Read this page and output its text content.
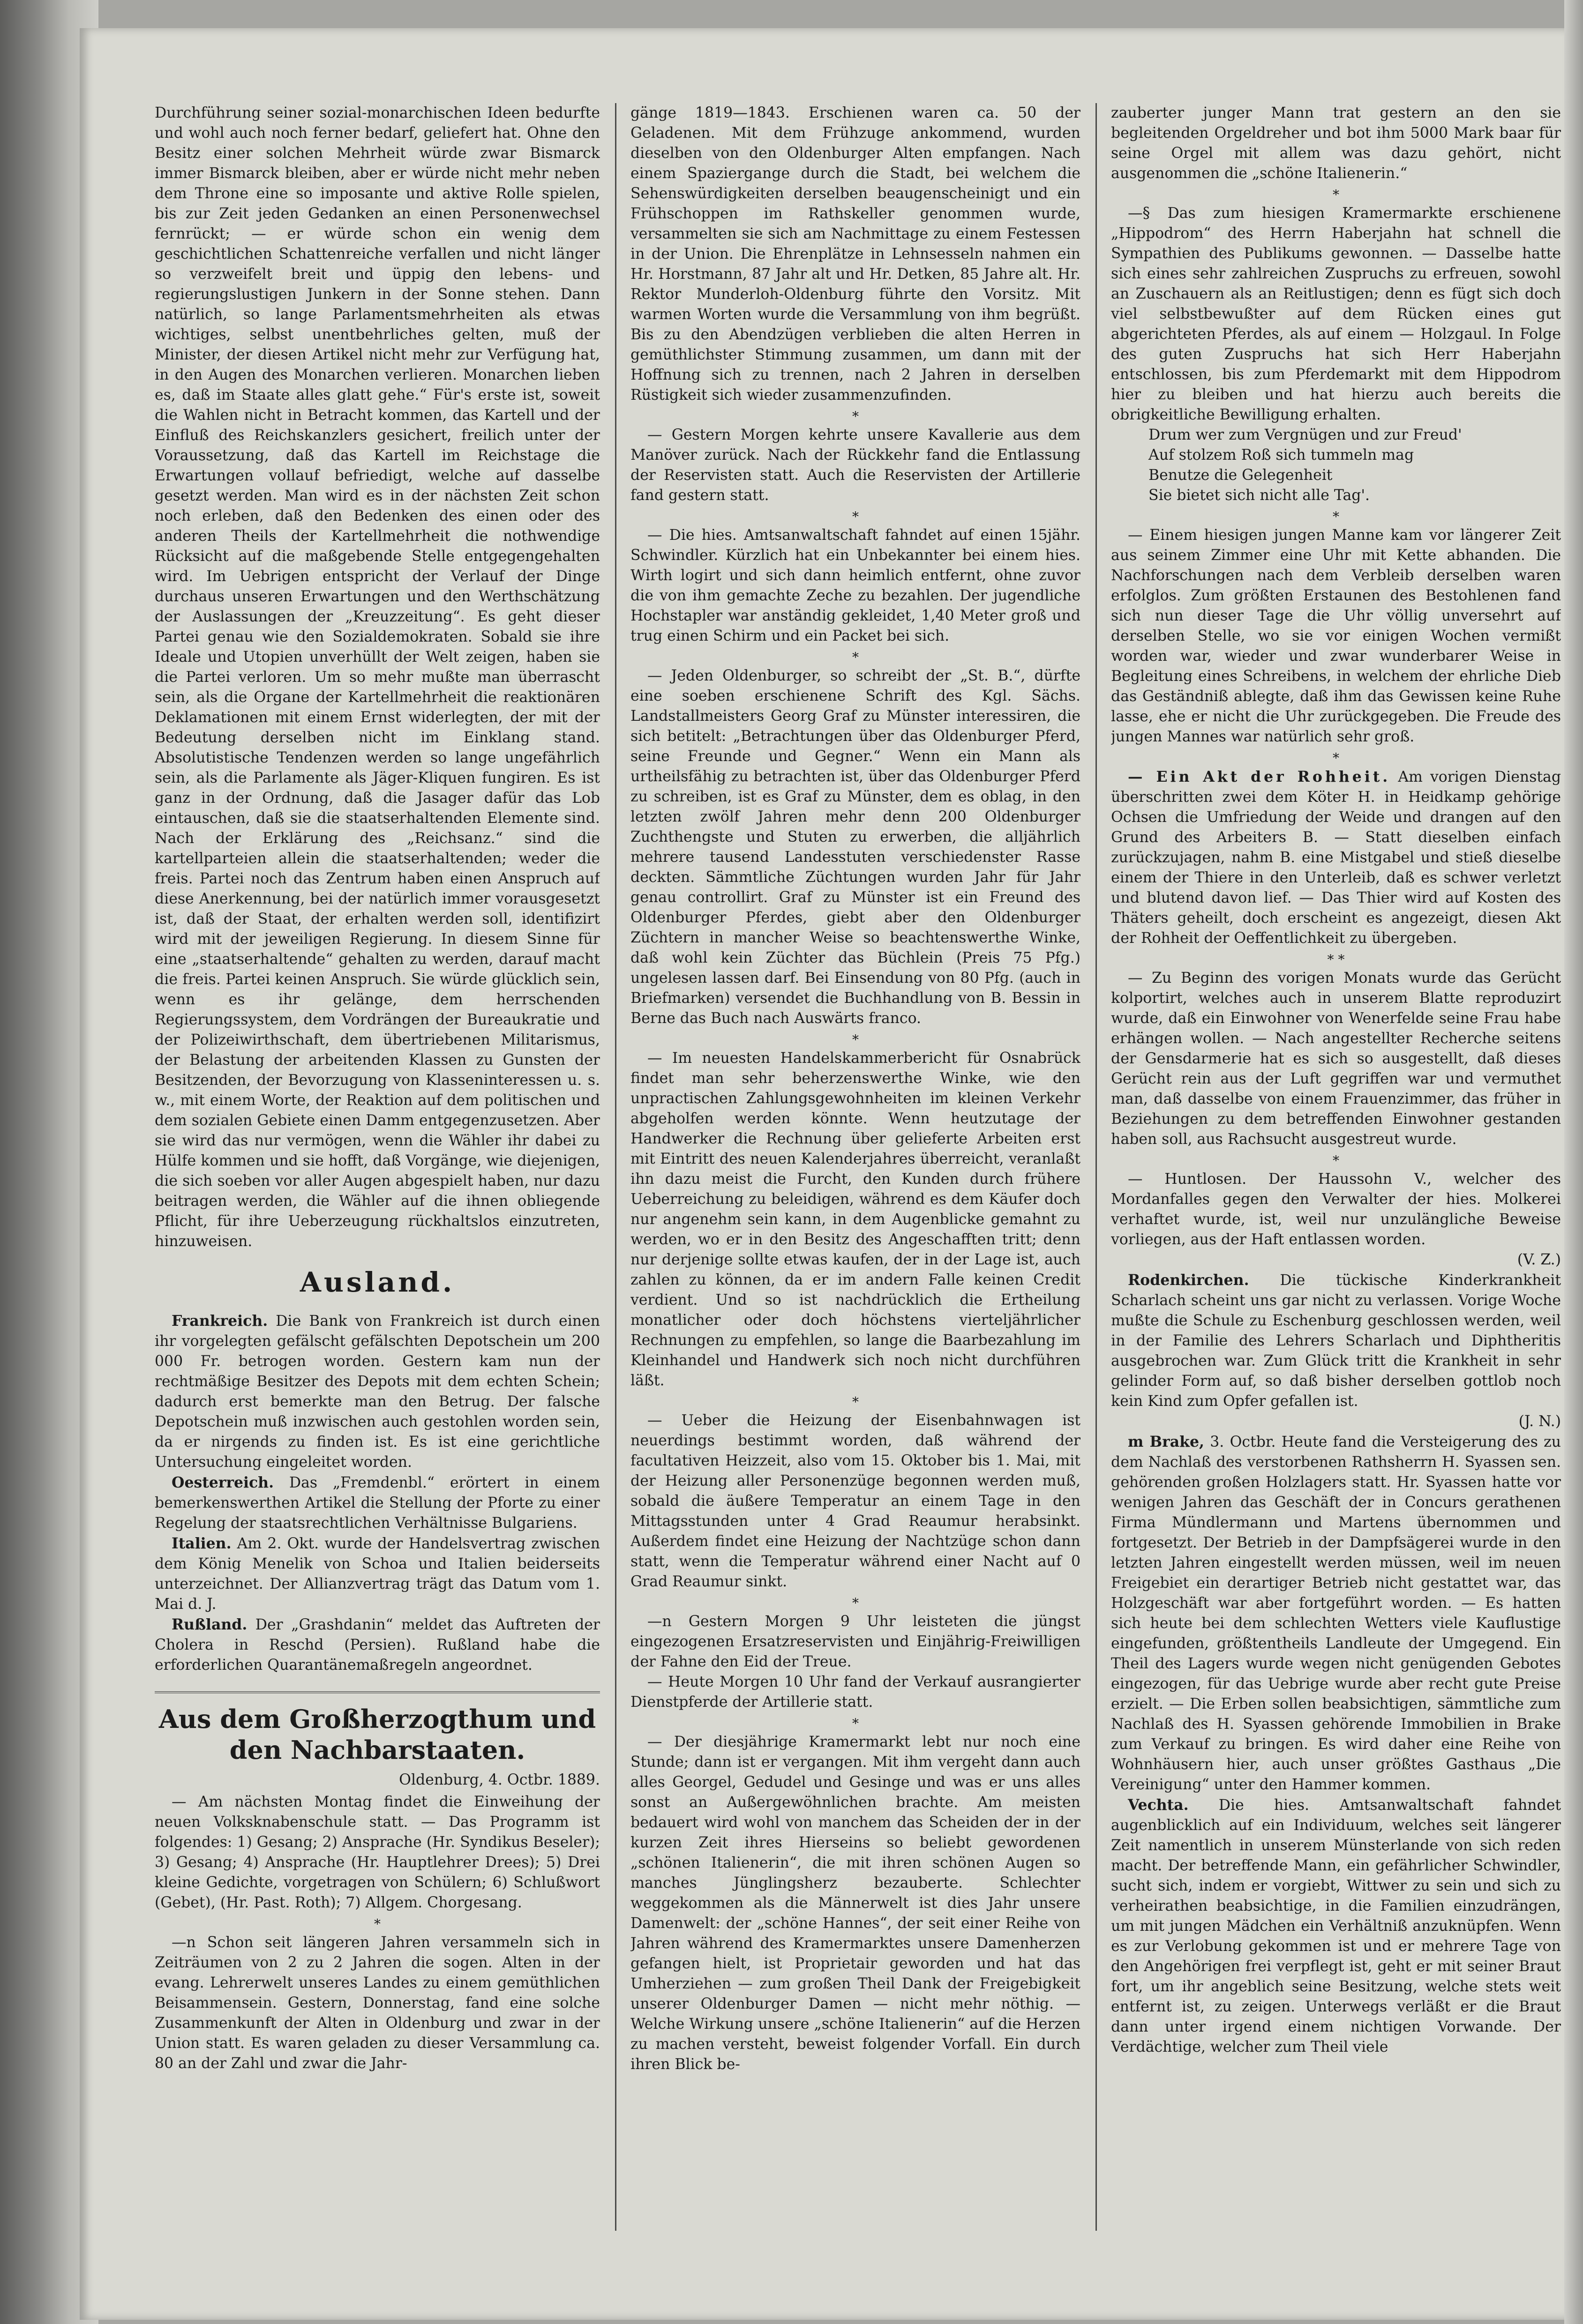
Durchführung seiner sozial-monarchischen Ideen bedurfte und wohl auch noch ferner bedarf, geliefert hat. Ohne den Besitz einer solchen Mehrheit würde zwar Bismarck immer Bismarck bleiben, aber er würde nicht mehr neben dem Throne eine so imposante und aktive Rolle spielen, bis zur Zeit jeden Gedanken an einen Personenwechsel fernrückt; — er würde schon ein wenig dem geschichtlichen Schattenreiche verfallen und nicht länger so verzweifelt breit und üppig den lebens- und regierungslustigen Junkern in der Sonne stehen. Dann natürlich, so lange Parlamentsmehrheiten als etwas wichtiges, selbst unentbehrliches gelten, muß der Minister, der diesen Artikel nicht mehr zur Verfügung hat, in den Augen des Monarchen verlieren. Monarchen lieben es, daß im Staate alles glatt gehe.“ Für's erste ist, soweit die Wahlen nicht in Betracht kommen, das Kartell und der Einfluß des Reichskanzlers gesichert, freilich unter der Voraussetzung, daß das Kartell im Reichstage die Erwartungen vollauf befriedigt, welche auf dasselbe gesetzt werden. Man wird es in der nächsten Zeit schon noch erleben, daß den Bedenken des einen oder des anderen Theils der Kartellmehrheit die nothwendige Rücksicht auf die maßgebende Stelle entgegengehalten wird. Im Uebrigen entspricht der Verlauf der Dinge durchaus unseren Erwartungen und den Werthschätzung der Auslassungen der „Kreuzzeitung“. Es geht dieser Partei genau wie den Sozialdemokraten. Sobald sie ihre Ideale und Utopien unverhüllt der Welt zeigen, haben sie die Partei verloren. Um so mehr mußte man überrascht sein, als die Organe der Kartellmehrheit die reaktionären Deklamationen mit einem Ernst widerlegten, der mit der Bedeutung derselben nicht im Einklang stand. Absolutistische Tendenzen werden so lange ungefährlich sein, als die Parlamente als Jäger-Kliquen fungiren. Es ist ganz in der Ordnung, daß die Jasager dafür das Lob eintauschen, daß sie die staatserhaltenden Elemente sind. Nach der Erklärung des „Reichsanz.“ sind die kartellparteien allein die staatserhaltenden; weder die freis. Partei noch das Zentrum haben einen Anspruch auf diese Anerkennung, bei der natürlich immer vorausgesetzt ist, daß der Staat, der erhalten werden soll, identifizirt wird mit der jeweiligen Regierung. In diesem Sinne für eine „staatserhaltende“ gehalten zu werden, darauf macht die freis. Partei keinen Anspruch. Sie würde glücklich sein, wenn es ihr gelänge, dem herrschenden Regierungssystem, dem Vordrängen der Bureaukratie und der Polizeiwirthschaft, dem übertriebenen Militarismus, der Belastung der arbeitenden Klassen zu Gunsten der Besitzenden, der Bevorzugung von Klasseninteressen u. s. w., mit einem Worte, der Reaktion auf dem politischen und dem sozialen Gebiete einen Damm entgegenzusetzen. Aber sie wird das nur vermögen, wenn die Wähler ihr dabei zu Hülfe kommen und sie hofft, daß Vorgänge, wie diejenigen, die sich soeben vor aller Augen abgespielt haben, nur dazu beitragen werden, die Wähler auf die ihnen obliegende Pflicht, für ihre Ueberzeugung rückhaltslos einzutreten, hinzuweisen.

Ausland.

Frankreich. Die Bank von Frankreich ist durch einen ihr vorgelegten gefälscht gefälschten Depotschein um 200 000 Fr. betrogen worden. Gestern kam nun der rechtmäßige Besitzer des Depots mit dem echten Schein; dadurch erst bemerkte man den Betrug. Der falsche Depotschein muß inzwischen auch gestohlen worden sein, da er nirgends zu finden ist. Es ist eine gerichtliche Untersuchung eingeleitet worden.

Oesterreich. Das „Fremdenbl.“ erörtert in einem bemerkenswerthen Artikel die Stellung der Pforte zu einer Regelung der staatsrechtlichen Verhältnisse Bulgariens.

Italien. Am 2. Okt. wurde der Handelsvertrag zwischen dem König Menelik von Schoa und Italien beiderseits unterzeichnet. Der Allianzvertrag trägt das Datum vom 1. Mai d. J.

Rußland. Der „Grashdanin“ meldet das Auftreten der Cholera in Reschd (Persien). Rußland habe die erforderlichen Quarantänemaßregeln angeordnet.

Aus dem Großherzogthum und den Nachbarstaaten.

Oldenburg, 4. Octbr. 1889.

— Am nächsten Montag findet die Einweihung der neuen Volksknabenschule statt. — Das Programm ist folgendes: 1) Gesang; 2) Ansprache (Hr. Syndikus Beseler); 3) Gesang; 4) Ansprache (Hr. Hauptlehrer Drees); 5) Drei kleine Gedichte, vorgetragen von Schülern; 6) Schlußwort (Gebet), (Hr. Past. Roth); 7) Allgem. Chorgesang.

*

—n Schon seit längeren Jahren versammeln sich in Zeiträumen von 2 zu 2 Jahren die sogen. Alten in der evang. Lehrerwelt unseres Landes zu einem gemüthlichen Beisammensein. Gestern, Donnerstag, fand eine solche Zusammenkunft der Alten in Oldenburg und zwar in der Union statt. Es waren geladen zu dieser Versammlung ca. 80 an der Zahl und zwar die Jahr-

gänge 1819—1843. Erschienen waren ca. 50 der Geladenen. Mit dem Frühzuge ankommend, wurden dieselben von den Oldenburger Alten empfangen. Nach einem Spaziergange durch die Stadt, bei welchem die Sehenswürdigkeiten derselben beaugenscheinigt und ein Frühschoppen im Rathskeller genommen wurde, versammelten sie sich am Nachmittage zu einem Festessen in der Union. Die Ehrenplätze in Lehnsesseln nahmen ein Hr. Horstmann, 87 Jahr alt und Hr. Detken, 85 Jahre alt. Hr. Rektor Munderloh-Oldenburg führte den Vorsitz. Mit warmen Worten wurde die Versammlung von ihm begrüßt. Bis zu den Abendzügen verblieben die alten Herren in gemüthlichster Stimmung zusammen, um dann mit der Hoffnung sich zu trennen, nach 2 Jahren in derselben Rüstigkeit sich wieder zusammenzufinden.

*

— Gestern Morgen kehrte unsere Kavallerie aus dem Manöver zurück. Nach der Rückkehr fand die Entlassung der Reservisten statt. Auch die Reservisten der Artillerie fand gestern statt.

*

— Die hies. Amtsanwaltschaft fahndet auf einen 15jähr. Schwindler. Kürzlich hat ein Unbekannter bei einem hies. Wirth logirt und sich dann heimlich entfernt, ohne zuvor die von ihm gemachte Zeche zu bezahlen. Der jugendliche Hochstapler war anständig gekleidet, 1,40 Meter groß und trug einen Schirm und ein Packet bei sich.

*

— Jeden Oldenburger, so schreibt der „St. B.“, dürfte eine soeben erschienene Schrift des Kgl. Sächs. Landstallmeisters Georg Graf zu Münster interessiren, die sich betitelt: „Betrachtungen über das Oldenburger Pferd, seine Freunde und Gegner.“ Wenn ein Mann als urtheilsfähig zu betrachten ist, über das Oldenburger Pferd zu schreiben, ist es Graf zu Münster, dem es oblag, in den letzten zwölf Jahren mehr denn 200 Oldenburger Zuchthengste und Stuten zu erwerben, die alljährlich mehrere tausend Landesstuten verschiedenster Rasse deckten. Sämmtliche Züchtungen wurden Jahr für Jahr genau controllirt. Graf zu Münster ist ein Freund des Oldenburger Pferdes, giebt aber den Oldenburger Züchtern in mancher Weise so beachtenswerthe Winke, daß wohl kein Züchter das Büchlein (Preis 75 Pfg.) ungelesen lassen darf. Bei Einsendung von 80 Pfg. (auch in Briefmarken) versendet die Buchhandlung von B. Bessin in Berne das Buch nach Auswärts franco.

*

— Im neuesten Handelskammerbericht für Osnabrück findet man sehr beherzenswerthe Winke, wie den unpractischen Zahlungsgewohnheiten im kleinen Verkehr abgeholfen werden könnte. Wenn heutzutage der Handwerker die Rechnung über gelieferte Arbeiten erst mit Eintritt des neuen Kalenderjahres überreicht, veranlaßt ihn dazu meist die Furcht, den Kunden durch frühere Ueberreichung zu beleidigen, während es dem Käufer doch nur angenehm sein kann, in dem Augenblicke gemahnt zu werden, wo er in den Besitz des Angeschafften tritt; denn nur derjenige sollte etwas kaufen, der in der Lage ist, auch zahlen zu können, da er im andern Falle keinen Credit verdient. Und so ist nachdrücklich die Ertheilung monatlicher oder doch höchstens vierteljährlicher Rechnungen zu empfehlen, so lange die Baarbezahlung im Kleinhandel und Handwerk sich noch nicht durchführen läßt.

*

— Ueber die Heizung der Eisenbahnwagen ist neuerdings bestimmt worden, daß während der facultativen Heizzeit, also vom 15. Oktober bis 1. Mai, mit der Heizung aller Personenzüge begonnen werden muß, sobald die äußere Temperatur an einem Tage in den Mittagsstunden unter 4 Grad Reaumur herabsinkt. Außerdem findet eine Heizung der Nachtzüge schon dann statt, wenn die Temperatur während einer Nacht auf 0 Grad Reaumur sinkt.

*

—n Gestern Morgen 9 Uhr leisteten die jüngst eingezogenen Ersatzreservisten und Einjährig-Freiwilligen der Fahne den Eid der Treue.

— Heute Morgen 10 Uhr fand der Verkauf ausrangierter Dienstpferde der Artillerie statt.

*

— Der diesjährige Kramermarkt lebt nur noch eine Stunde; dann ist er vergangen. Mit ihm vergeht dann auch alles Georgel, Gedudel und Gesinge und was er uns alles sonst an Außergewöhnlichen brachte. Am meisten bedauert wird wohl von manchem das Scheiden der in der kurzen Zeit ihres Hierseins so beliebt gewordenen „schönen Italienerin“, die mit ihren schönen Augen so manches Jünglingsherz bezauberte. Schlechter weggekommen als die Männerwelt ist dies Jahr unsere Damenwelt: der „schöne Hannes“, der seit einer Reihe von Jahren während des Kramermarktes unsere Damenherzen gefangen hielt, ist Proprietair geworden und hat das Umherziehen — zum großen Theil Dank der Freigebigkeit unserer Oldenburger Damen — nicht mehr nöthig. — Welche Wirkung unsere „schöne Italienerin“ auf die Herzen zu machen versteht, beweist folgender Vorfall. Ein durch ihren Blick be-

zauberter junger Mann trat gestern an den sie begleitenden Orgeldreher und bot ihm 5000 Mark baar für seine Orgel mit allem was dazu gehört, nicht ausgenommen die „schöne Italienerin.“

*

—§ Das zum hiesigen Kramermarkte erschienene „Hippodrom“ des Herrn Haberjahn hat schnell die Sympathien des Publikums gewonnen. — Dasselbe hatte sich eines sehr zahlreichen Zuspruchs zu erfreuen, sowohl an Zuschauern als an Reitlustigen; denn es fügt sich doch viel selbstbewußter auf dem Rücken eines gut abgerichteten Pferdes, als auf einem — Holzgaul. In Folge des guten Zuspruchs hat sich Herr Haberjahn entschlossen, bis zum Pferdemarkt mit dem Hippodrom hier zu bleiben und hat hierzu auch bereits die obrigkeitliche Bewilligung erhalten.

Drum wer zum Vergnügen und zur Freud'

Auf stolzem Roß sich tummeln mag

Benutze die Gelegenheit

Sie bietet sich nicht alle Tag'.

*

— Einem hiesigen jungen Manne kam vor längerer Zeit aus seinem Zimmer eine Uhr mit Kette abhanden. Die Nachforschungen nach dem Verbleib derselben waren erfolglos. Zum größten Erstaunen des Bestohlenen fand sich nun dieser Tage die Uhr völlig unversehrt auf derselben Stelle, wo sie vor einigen Wochen vermißt worden war, wieder und zwar wunderbarer Weise in Begleitung eines Schreibens, in welchem der ehrliche Dieb das Geständniß ablegte, daß ihm das Gewissen keine Ruhe lasse, ehe er nicht die Uhr zurückgegeben. Die Freude des jungen Mannes war natürlich sehr groß.

*

— Ein Akt der Rohheit. Am vorigen Dienstag überschritten zwei dem Köter H. in Heidkamp gehörige Ochsen die Umfriedung der Weide und drangen auf den Grund des Arbeiters B. — Statt dieselben einfach zurückzujagen, nahm B. eine Mistgabel und stieß dieselbe einem der Thiere in den Unterleib, daß es schwer verletzt und blutend davon lief. — Das Thier wird auf Kosten des Thäters geheilt, doch erscheint es angezeigt, diesen Akt der Rohheit der Oeffentlichkeit zu übergeben.

* *

— Zu Beginn des vorigen Monats wurde das Gerücht kolportirt, welches auch in unserem Blatte reproduzirt wurde, daß ein Einwohner von Wenerfelde seine Frau habe erhängen wollen. — Nach angestellter Recherche seitens der Gensdarmerie hat es sich so ausgestellt, daß dieses Gerücht rein aus der Luft gegriffen war und vermuthet man, daß dasselbe von einem Frauenzimmer, das früher in Beziehungen zu dem betreffenden Einwohner gestanden haben soll, aus Rachsucht ausgestreut wurde.

*

— Huntlosen. Der Haussohn V., welcher des Mordanfalles gegen den Verwalter der hies. Molkerei verhaftet wurde, ist, weil nur unzulängliche Beweise vorliegen, aus der Haft entlassen worden.

(V. Z.)

Rodenkirchen. Die tückische Kinderkrankheit Scharlach scheint uns gar nicht zu verlassen. Vorige Woche mußte die Schule zu Eschenburg geschlossen werden, weil in der Familie des Lehrers Scharlach und Diphtheritis ausgebrochen war. Zum Glück tritt die Krankheit in sehr gelinder Form auf, so daß bisher derselben gottlob noch kein Kind zum Opfer gefallen ist.

(J. N.)

m Brake, 3. Octbr. Heute fand die Versteigerung des zu dem Nachlaß des verstorbenen Rathsherrn H. Syassen sen. gehörenden großen Holzlagers statt. Hr. Syassen hatte vor wenigen Jahren das Geschäft der in Concurs gerathenen Firma Mündlermann und Martens übernommen und fortgesetzt. Der Betrieb in der Dampfsägerei wurde in den letzten Jahren eingestellt werden müssen, weil im neuen Freigebiet ein derartiger Betrieb nicht gestattet war, das Holzgeschäft war aber fortgeführt worden. — Es hatten sich heute bei dem schlechten Wetters viele Kauflustige eingefunden, größtentheils Landleute der Umgegend. Ein Theil des Lagers wurde wegen nicht genügenden Gebotes eingezogen, für das Uebrige wurde aber recht gute Preise erzielt. — Die Erben sollen beabsichtigen, sämmtliche zum Nachlaß des H. Syassen gehörende Immobilien in Brake zum Verkauf zu bringen. Es wird daher eine Reihe von Wohnhäusern hier, auch unser größtes Gasthaus „Die Vereinigung“ unter den Hammer kommen.

Vechta. Die hies. Amtsanwaltschaft fahndet augenblicklich auf ein Individuum, welches seit längerer Zeit namentlich in unserem Münsterlande von sich reden macht. Der betreffende Mann, ein gefährlicher Schwindler, sucht sich, indem er vorgiebt, Wittwer zu sein und sich zu verheirathen beabsichtige, in die Familien einzudrängen, um mit jungen Mädchen ein Verhältniß anzuknüpfen. Wenn es zur Verlobung gekommen ist und er mehrere Tage von den Angehörigen frei verpflegt ist, geht er mit seiner Braut fort, um ihr angeblich seine Besitzung, welche stets weit entfernt ist, zu zeigen. Unterwegs verläßt er die Braut dann unter irgend einem nichtigen Vorwande. Der Verdächtige, welcher zum Theil viele
